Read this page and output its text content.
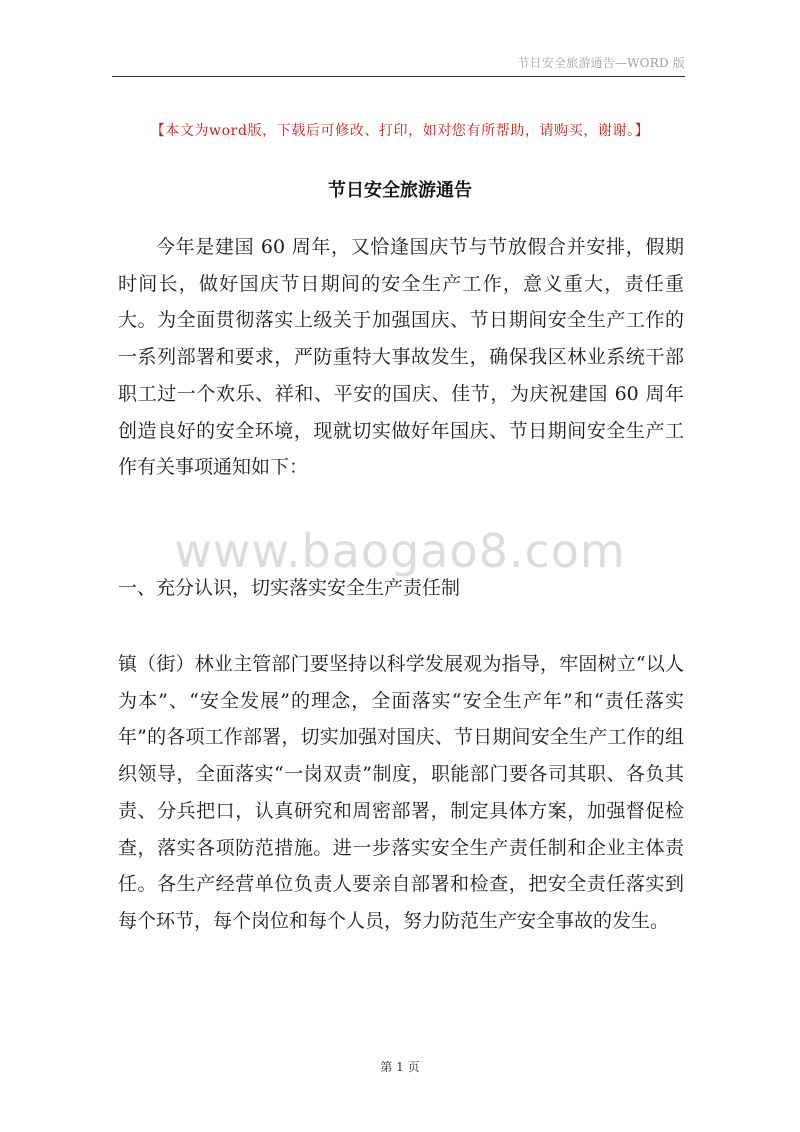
节日安全旅游通告—WORD 版
【本文为word版，下载后可修改、打印，如对您有所帮助，请购买，谢谢。】
节日安全旅游通告

今年是建国 60 周年，又恰逢国庆节与节放假合并安排，假期时间长，做好国庆节日期间的安全生产工作，意义重大，责任重大。为全面贯彻落实上级关于加强国庆、节日期间安全生产工作的一系列部署和要求，严防重特大事故发生，确保我区林业系统干部职工过一个欢乐、祥和、平安的国庆、佳节，为庆祝建国 60 周年创造良好的安全环境，现就切实做好年国庆、节日期间安全生产工作有关事项通知如下：

www.baogao8.com
一、充分认识，切实落实安全生产责任制

镇（街）林业主管部门要坚持以科学发展观为指导，牢固树立“以人为本”、“安全发展”的理念，全面落实“安全生产年”和“责任落实年”的各项工作部署，切实加强对国庆、节日期间安全生产工作的组织领导，全面落实“一岗双责”制度，职能部门要各司其职、各负其责、分兵把口，认真研究和周密部署，制定具体方案，加强督促检查，落实各项防范措施。进一步落实安全生产责任制和企业主体责任。各生产经营单位负责人要亲自部署和检查，把安全责任落实到每个环节，每个岗位和每个人员，努力防范生产安全事故的发生。

第 1 页
